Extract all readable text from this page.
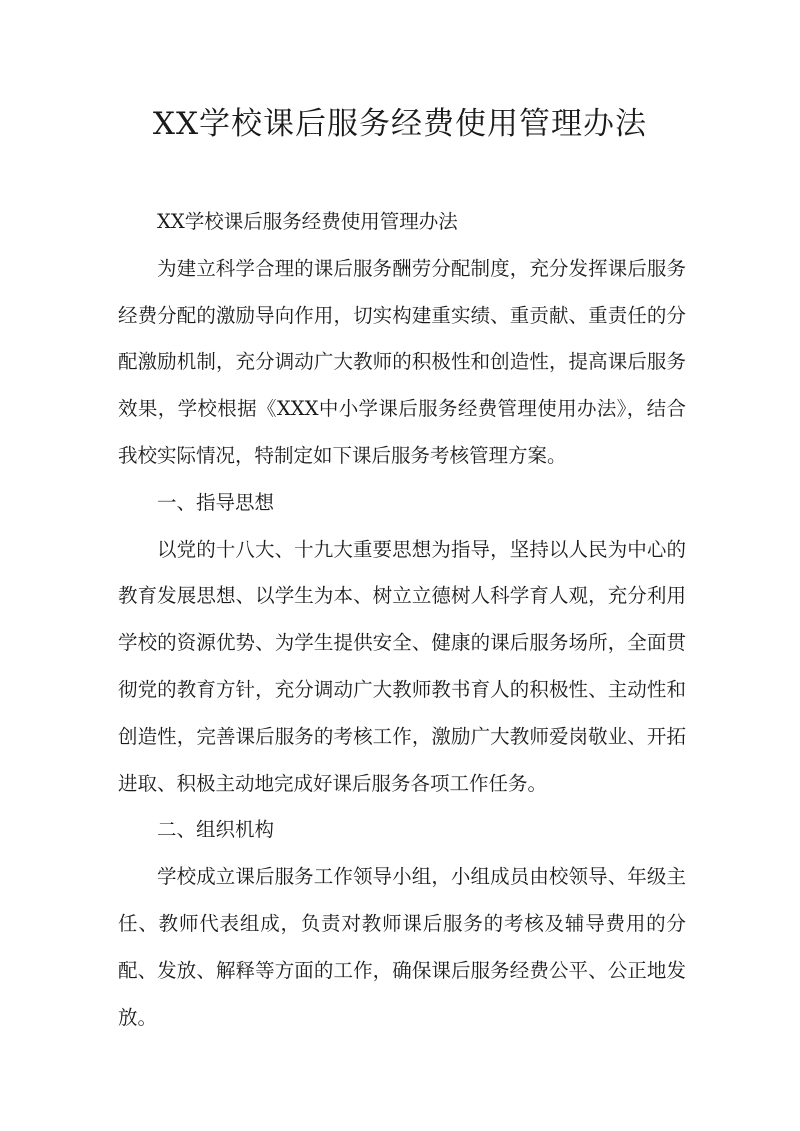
XX学校课后服务经费使用管理办法

XX学校课后服务经费使用管理办法

为建立科学合理的课后服务酬劳分配制度，充分发挥课后服务经费分配的激励导向作用，切实构建重实绩、重贡献、重责任的分配激励机制，充分调动广大教师的积极性和创造性，提高课后服务效果，学校根据《XXX中小学课后服务经费管理使用办法》，结合我校实际情况，特制定如下课后服务考核管理方案。

一、指导思想

以党的十八大、十九大重要思想为指导，坚持以人民为中心的教育发展思想、以学生为本、树立立德树人科学育人观，充分利用学校的资源优势、为学生提供安全、健康的课后服务场所，全面贯彻党的教育方针，充分调动广大教师教书育人的积极性、主动性和创造性，完善课后服务的考核工作，激励广大教师爱岗敬业、开拓进取、积极主动地完成好课后服务各项工作任务。

二、组织机构

学校成立课后服务工作领导小组，小组成员由校领导、年级主任、教师代表组成，负责对教师课后服务的考核及辅导费用的分配、发放、解释等方面的工作，确保课后服务经费公平、公正地发放。
